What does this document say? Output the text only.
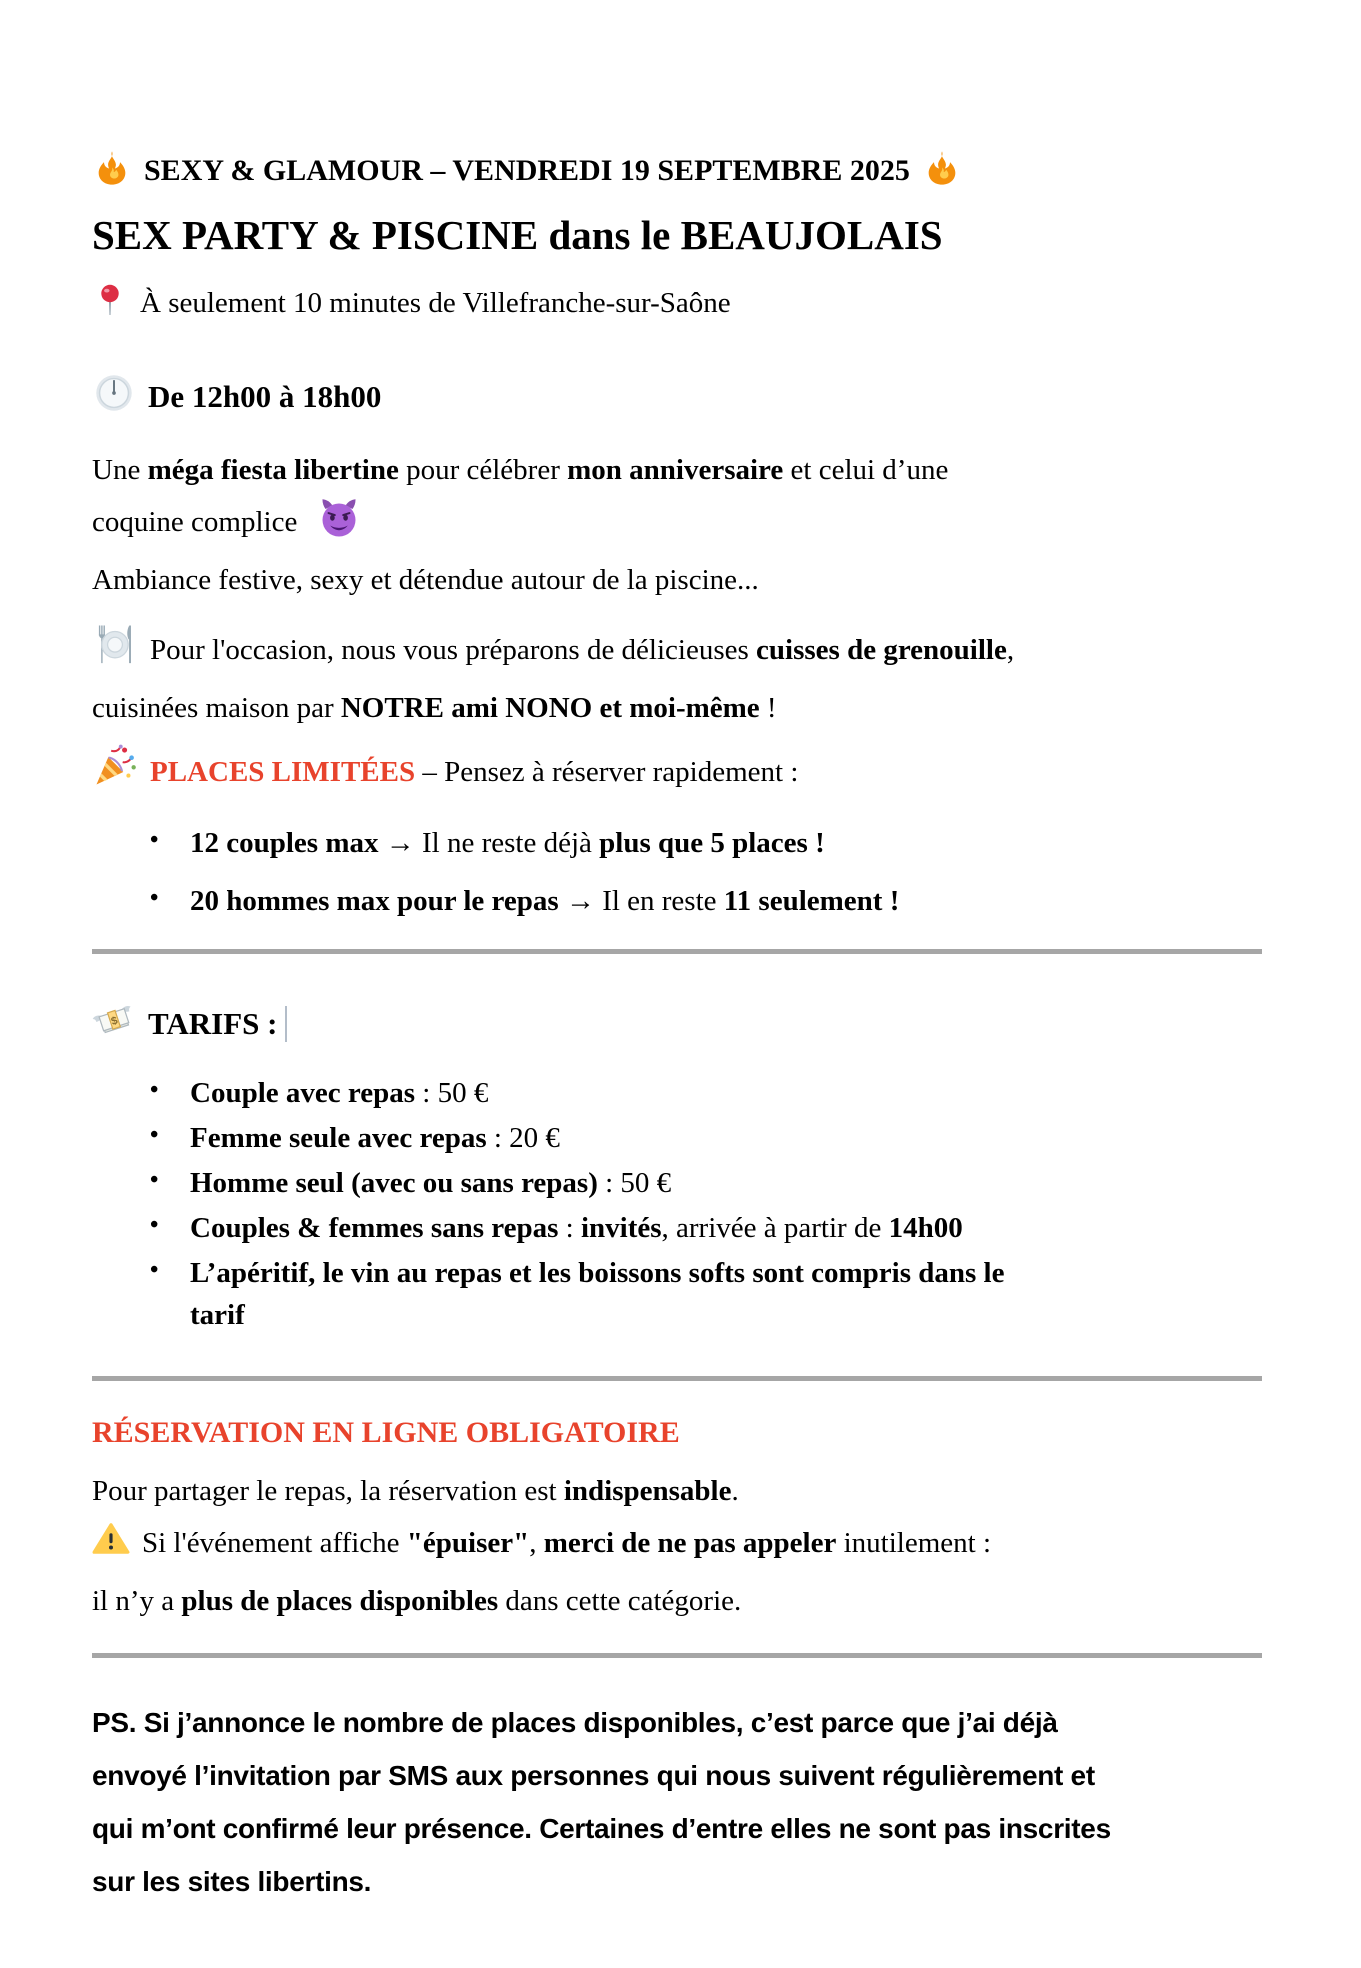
SEXY & GLAMOUR – VENDREDI 19 SEPTEMBRE 2025
SEX PARTY & PISCINE dans le BEAUJOLAIS
À seulement 10 minutes de Villefranche-sur-Saône
De 12h00 à 18h00
Une méga fiesta libertine pour célébrer mon anniversaire et celui d’une
coquine complice
Ambiance festive, sexy et détendue autour de la piscine...
Pour l'occasion, nous vous préparons de délicieuses cuisses de grenouille,
cuisinées maison par NOTRE ami NONO et moi-même !
PLACES LIMITÉES – Pensez à réserver rapidement :
• 12 couples max → Il ne reste déjà plus que 5 places !
• 20 hommes max pour le repas → Il en reste 11 seulement !
$ TARIFS :
• Couple avec repas : 50 €
• Femme seule avec repas : 20 €
• Homme seul (avec ou sans repas) : 50 €
• Couples & femmes sans repas : invités, arrivée à partir de 14h00
• L’apéritif, le vin au repas et les boissons softs sont compris dans le
tarif
RÉSERVATION EN LIGNE OBLIGATOIRE
Pour partager le repas, la réservation est indispensable.
Si l'événement affiche "épuiser", merci de ne pas appeler inutilement :
il n’y a plus de places disponibles dans cette catégorie.
PS. Si j’annonce le nombre de places disponibles, c’est parce que j’ai déjà
envoyé l’invitation par SMS aux personnes qui nous suivent régulièrement et
qui m’ont confirmé leur présence. Certaines d’entre elles ne sont pas inscrites
sur les sites libertins.
